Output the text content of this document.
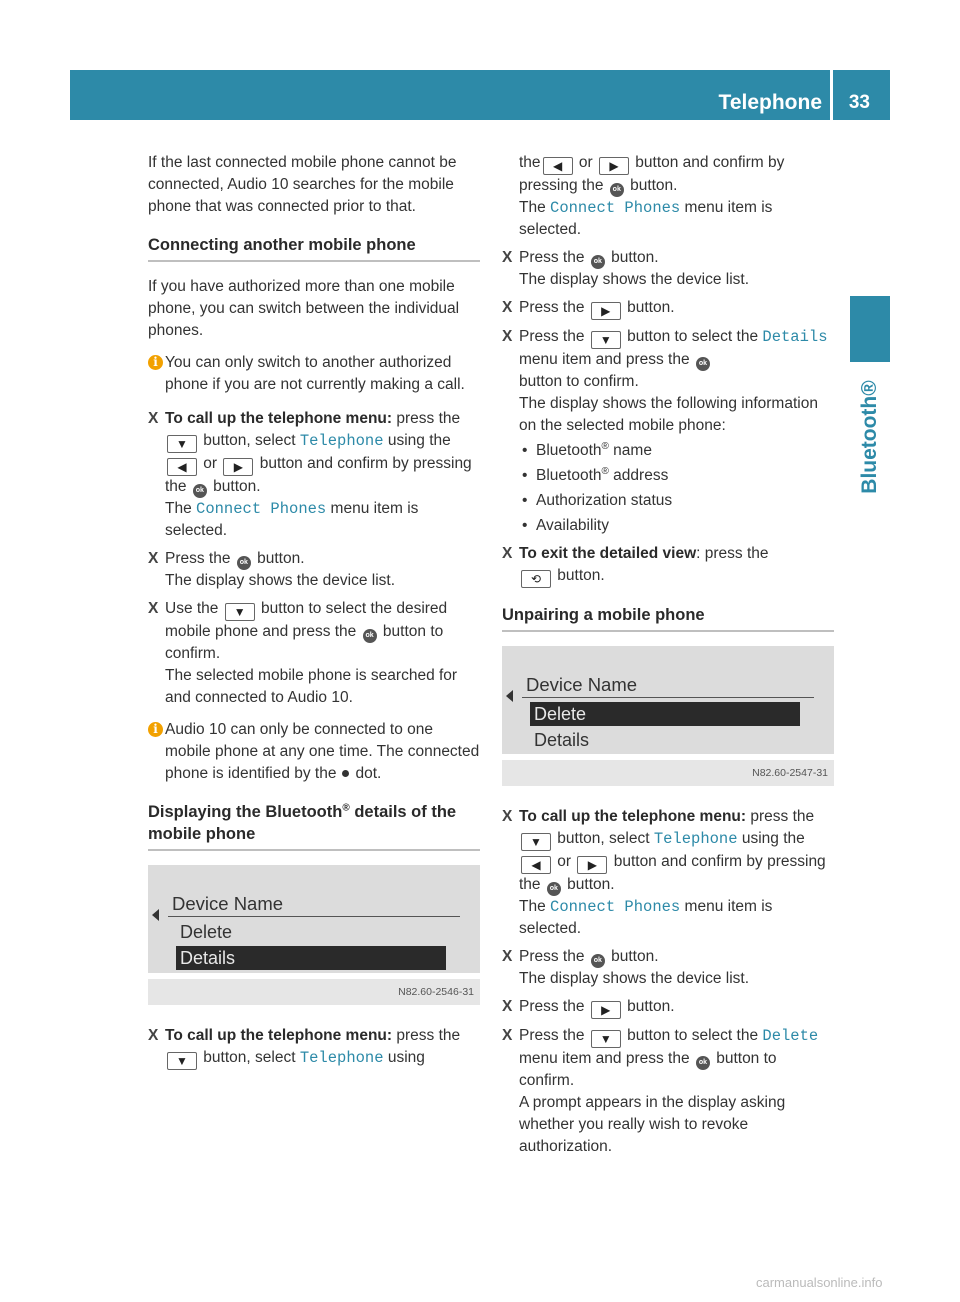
Telephone 33
Bluetooth®

If the last connected mobile phone cannot be connected, Audio 10 searches for the mobile phone that was connected prior to that.

Connecting another mobile phone

If you have authorized more than one mobile phone, you can switch between the individual phones.

i You can only switch to another authorized phone if you are not currently making a call.
X To call up the telephone menu: press the▼ button, select Telephone using the◀ or ▶ button and confirm by pressing the ok button.
The Connect Phones menu item is selected.
X Press the ok button.
The display shows the device list.
X Use the ▼ button to select the desired mobile phone and press the ok button to confirm.
The selected mobile phone is searched for and connected to Audio 10.
i Audio 10 can only be connected to one mobile phone at any one time. The connected phone is identified by the dot.
Displaying the Bluetooth® details of the mobile phone
Device Name
Delete
Details
N82.60-2546-31
X To call up the telephone menu: press the▼ button, select Telephone using
the ◀ or ▶ button and confirm by pressing the ok button.
The Connect Phones menu item is selected.
X Press the ok button.
The display shows the device list.
X Press the ▶ button.
X Press the ▼ button to select the Details menu item and press the ok
button to confirm.
The display shows the following information on the selected mobile phone:
• Bluetooth® name
• Bluetooth® address
• Authorization status
• Availability
X To exit the detailed view: press the
⟲ button.
Unpairing a mobile phone
Device Name
Delete
Details
N82.60-2547-31
X To call up the telephone menu: press the▼ button, select Telephone using the◀ or ▶ button and confirm by pressing the ok button.
The Connect Phones menu item is selected.
X Press the ok button.
The display shows the device list.
X Press the ▶ button.
X Press the ▼ button to select the Delete menu item and press the ok button to confirm.
A prompt appears in the display asking whether you really wish to revoke authorization.
carmanualsonline.info
